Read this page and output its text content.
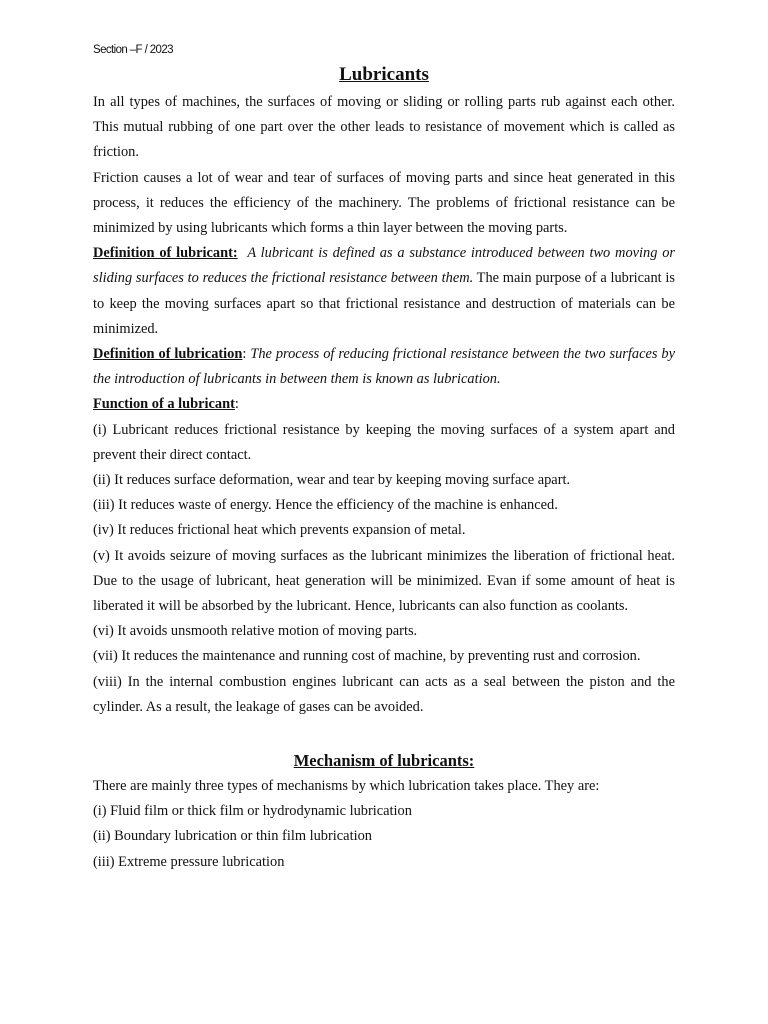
Section –F / 2023
Lubricants

In all types of machines, the surfaces of moving or sliding or rolling parts rub against each other. This mutual rubbing of one part over the other leads to resistance of movement which is called as friction.

Friction causes a lot of wear and tear of surfaces of moving parts and since heat generated in this process, it reduces the efficiency of the machinery. The problems of frictional resistance can be minimized by using lubricants which forms a thin layer between the moving parts.

Definition of lubricant: A lubricant is defined as a substance introduced between two moving or sliding surfaces to reduces the frictional resistance between them. The main purpose of a lubricant is to keep the moving surfaces apart so that frictional resistance and destruction of materials can be minimized.

Definition of lubrication: The process of reducing frictional resistance between the two surfaces by the introduction of lubricants in between them is known as lubrication.

Function of a lubricant:

(i) Lubricant reduces frictional resistance by keeping the moving surfaces of a system apart and prevent their direct contact.

(ii) It reduces surface deformation, wear and tear by keeping moving surface apart.

(iii) It reduces waste of energy. Hence the efficiency of the machine is enhanced.

(iv) It reduces frictional heat which prevents expansion of metal.

(v) It avoids seizure of moving surfaces as the lubricant minimizes the liberation of frictional heat. Due to the usage of lubricant, heat generation will be minimized. Evan if some amount of heat is liberated it will be absorbed by the lubricant. Hence, lubricants can also function as coolants.

(vi) It avoids unsmooth relative motion of moving parts.

(vii) It reduces the maintenance and running cost of machine, by preventing rust and corrosion.

(viii) In the internal combustion engines lubricant can acts as a seal between the piston and the cylinder. As a result, the leakage of gases can be avoided.

Mechanism of lubricants:

There are mainly three types of mechanisms by which lubrication takes place. They are:

(i) Fluid film or thick film or hydrodynamic lubrication

(ii) Boundary lubrication or thin film lubrication

(iii) Extreme pressure lubrication
